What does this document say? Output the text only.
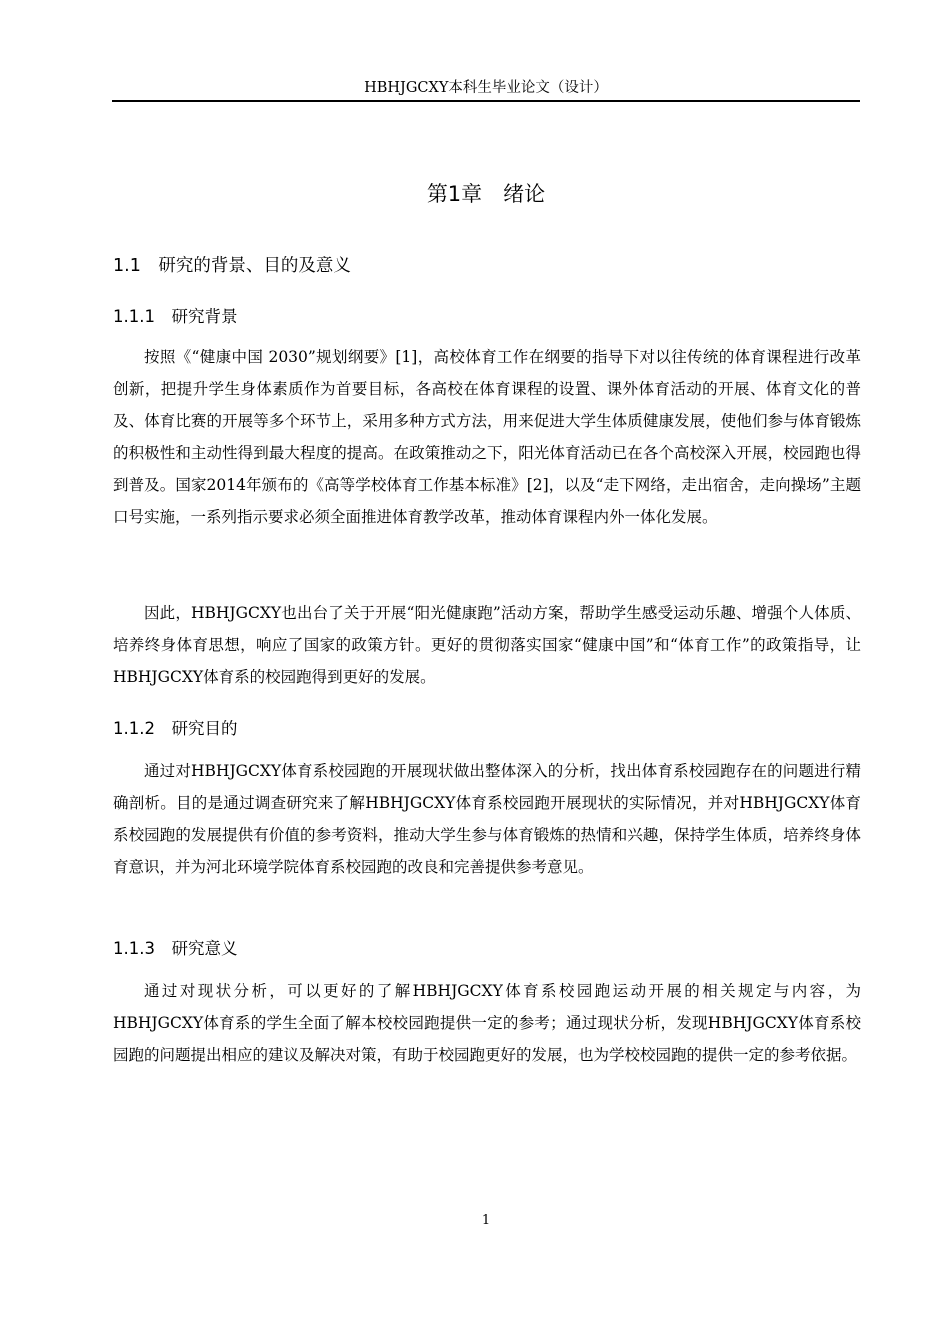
HBHJGCXY本科生毕业论文（设计）
第1章　绪论
1.1　研究的背景、目的及意义
1.1.1　研究背景

按照《“健康中国 2030”规划纲要》[1]，高校体育工作在纲要的指导下对以往传统的体育课程进行改革创新，把提升学生身体素质作为首要目标，各高校在体育课程的设置、课外体育活动的开展、体育文化的普及、体育比赛的开展等多个环节上，采用多种方式方法，用来促进大学生体质健康发展，使他们参与体育锻炼的积极性和主动性得到最大程度的提高。在政策推动之下，阳光体育活动已在各个高校深入开展，校园跑也得到普及。国家2014年颁布的《高等学校体育工作基本标准》[2]，以及“走下网络，走出宿舍，走向操场”主题口号实施，一系列指示要求必须全面推进体育教学改革，推动体育课程内外一体化发展。

因此，HBHJGCXY也出台了关于开展“阳光健康跑”活动方案，帮助学生感受运动乐趣、增强个人体质、培养终身体育思想，响应了国家的政策方针。更好的贯彻落实国家“健康中国”和“体育工作”的政策指导，让HBHJGCXY体育系的校园跑得到更好的发展。

1.1.2　研究目的

通过对HBHJGCXY体育系校园跑的开展现状做出整体深入的分析，找出体育系校园跑存在的问题进行精确剖析。目的是通过调查研究来了解HBHJGCXY体育系校园跑开展现状的实际情况，并对HBHJGCXY体育系校园跑的发展提供有价值的参考资料，推动大学生参与体育锻炼的热情和兴趣，保持学生体质，培养终身体育意识，并为河北环境学院体育系校园跑的改良和完善提供参考意见。

1.1.3　研究意义

通过对现状分析，可以更好的了解HBHJGCXY体育系校园跑运动开展的相关规定与内容，为HBHJGCXY体育系的学生全面了解本校校园跑提供一定的参考；通过现状分析，发现HBHJGCXY体育系校园跑的问题提出相应的建议及解决对策，有助于校园跑更好的发展，也为学校校园跑的提供一定的参考依据。

1
